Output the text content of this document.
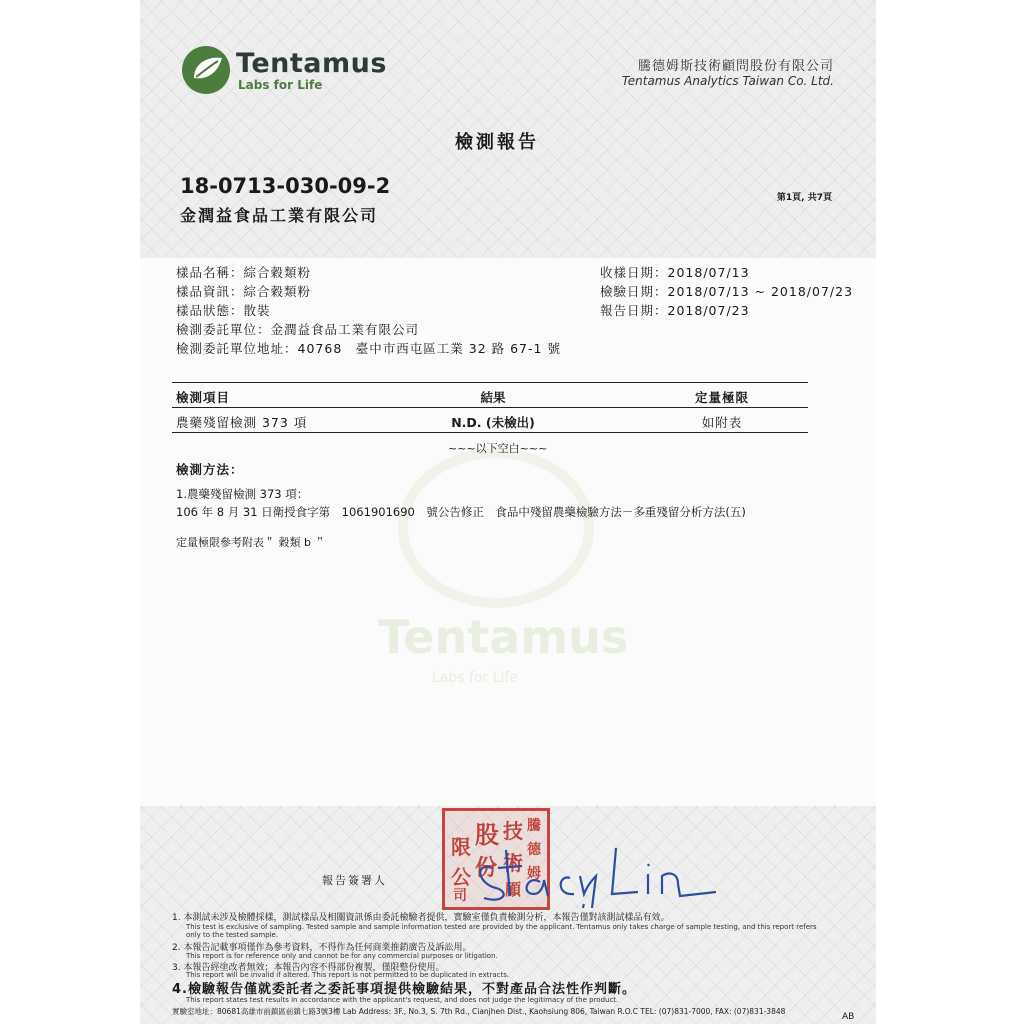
Tentamus
Labs for Life
Tentamus
Labs for Life
騰德姆斯技術顧問股份有限公司
Tentamus Analytics Taiwan Co. Ltd.
檢測報告
18-0713-030-09-2
金潤益食品工業有限公司
第1頁, 共7頁
樣品名稱：綜合穀類粉
樣品資訊：綜合穀類粉
樣品狀態：散裝
檢測委託單位：金潤益食品工業有限公司
檢測委託單位地址：40768　臺中市西屯區工業 32 路 67-1 號
收樣日期：2018/07/13
檢驗日期：2018/07/13 ~ 2018/07/23
報告日期：2018/07/23
檢測項目	結果	定量極限
農藥殘留檢測 373 項	N.D. (未檢出)	如附表
~~~以下空白~~~
檢測方法：
1.農藥殘留檢測 373 項：
106 年 8 月 31 日衛授食字第　1061901690　號公告修正　食品中殘留農藥檢驗方法－多重殘留分析方法(五)
定量極限參考附表＂ 穀類 b ＂
報告簽署人
限 股 技 騰
公 份 術
德
司 顧
姆
1. 本測試未涉及檢體採樣，測試樣品及相關資訊係由委託檢驗者提供，實驗室僅負責檢測分析，本報告僅對該測試樣品有效。
This test is exclusive of sampling. Tested sample and sample information tested are provided by the applicant. Tentamus only takes charge of sample testing, and this report refers only to the tested sample.
2. 本報告記載事項僅作為參考資料，不得作為任何商業推銷廣告及訴訟用。
This report is for reference only and cannot be for any commercial purposes or litigation.
3. 本報告經塗改者無效；本報告內容不得部份複製，僅限整份使用。
This report will be invalid if altered. This report is not permitted to be duplicated in extracts.
4.檢驗報告僅就委託者之委託事項提供檢驗結果，不對產品合法性作判斷。
This report states test results in accordance with the applicant's request, and does not judge the legitimacy of the product.
實驗室地址：80681高雄市前鎮區前鎮七路3號3樓 Lab Address: 3F., No.3, S. 7th Rd., Cianjhen Dist., Kaohsiung 806, Taiwan R.O.C TEL: (07)831-7000, FAX: (07)831-3848
AB
